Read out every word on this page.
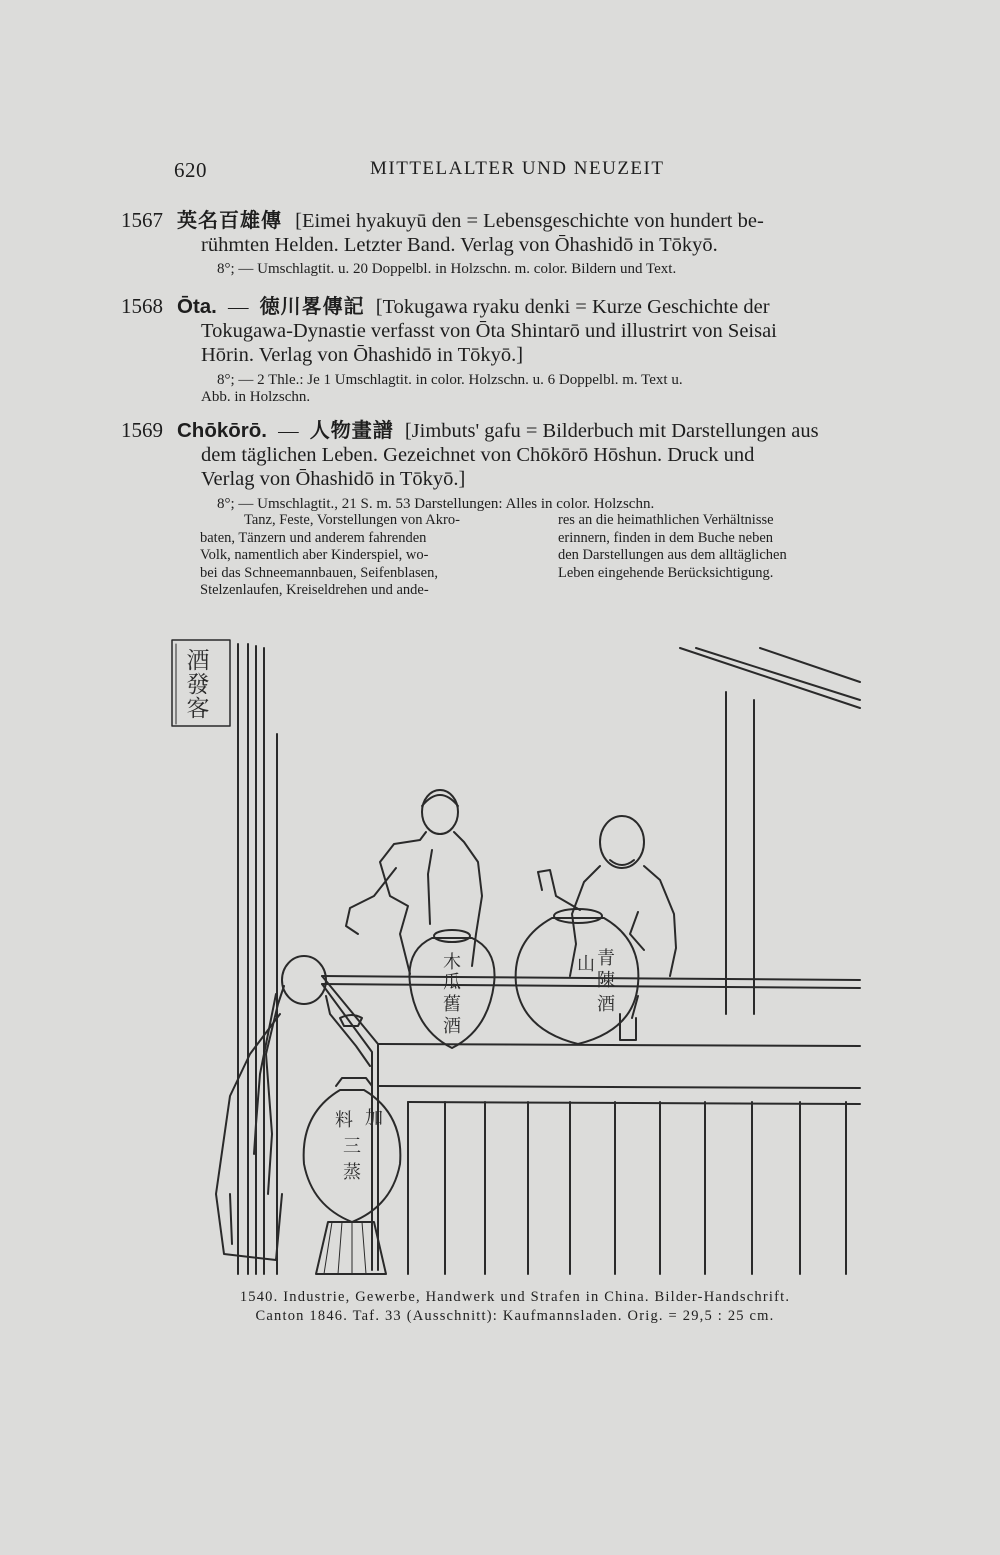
620	MITTELALTER UND NEUZEIT
1567 英名百雄傳 [Eimei hyakuyū den = Lebensgeschichte von hundert be-
rühmten Helden. Letzter Band. Verlag von Ōhashidō in Tōkyō.
8°; — Umschlagtit. u. 20 Doppelbl. in Holzschn. m. color. Bildern und Text.
1568 Ōta. — 徳川畧傳記 [Tokugawa ryaku denki = Kurze Geschichte der
Tokugawa-Dynastie verfasst von Ōta Shintarō und illustrirt von Seisai
Hōrin. Verlag von Ōhashidō in Tōkyō.]
8°; — 2 Thle.: Je 1 Umschlagtit. in color. Holzschn. u. 6 Doppelbl. m. Text u.
Abb. in Holzschn.
1569 Chōkōrō. — 人物畫譜 [Jimbuts' gafu = Bilderbuch mit Darstellungen aus
dem täglichen Leben. Gezeichnet von Chōkōrō Hōshun. Druck und
Verlag von Ōhashidō in Tōkyō.]
8°; — Umschlagtit., 21 S. m. 53 Darstellungen: Alles in color. Holzschn.
Tanz, Feste, Vorstellungen von Akro-
baten, Tänzern und anderem fahrenden
Volk, namentlich aber Kinderspiel, wo-
bei das Schneemannbauen, Seifenblasen,
Stelzenlaufen, Kreiseldrehen und ande-
res an die heimathlichen Verhältnisse
erinnern, finden in dem Buche neben
den Darstellungen aus dem alltäglichen
Leben eingehende Berücksichtigung.
酒
發
客
木
瓜
舊
酒
青
陳
酒
山
加
三
蒸
料
1540. Industrie, Gewerbe, Handwerk und Strafen in China. Bilder-Handschrift.
Canton 1846. Taf. 33 (Ausschnitt): Kaufmannsladen. Orig. = 29,5 : 25 cm.
